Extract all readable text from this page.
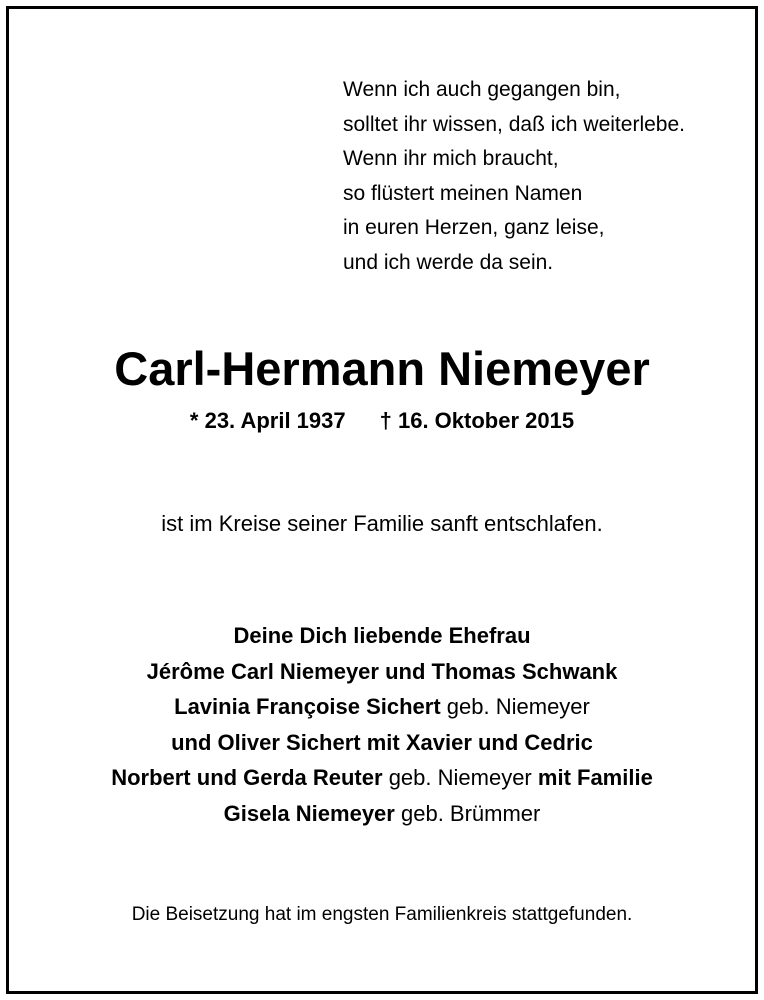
Wenn ich auch gegangen bin,
solltet ihr wissen, daß ich weiterlebe.
Wenn ihr mich braucht,
so flüstert meinen Namen
in euren Herzen, ganz leise,
und ich werde da sein.
Carl-Hermann Niemeyer
* 23. April 1937 † 16. Oktober 2015
ist im Kreise seiner Familie sanft entschlafen.
Deine Dich liebende Ehefrau
Jérôme Carl Niemeyer und Thomas Schwank
Lavinia Françoise Sichert geb. Niemeyer
und Oliver Sichert mit Xavier und Cedric
Norbert und Gerda Reuter geb. Niemeyer mit Familie
Gisela Niemeyer geb. Brümmer
Die Beisetzung hat im engsten Familienkreis stattgefunden.
